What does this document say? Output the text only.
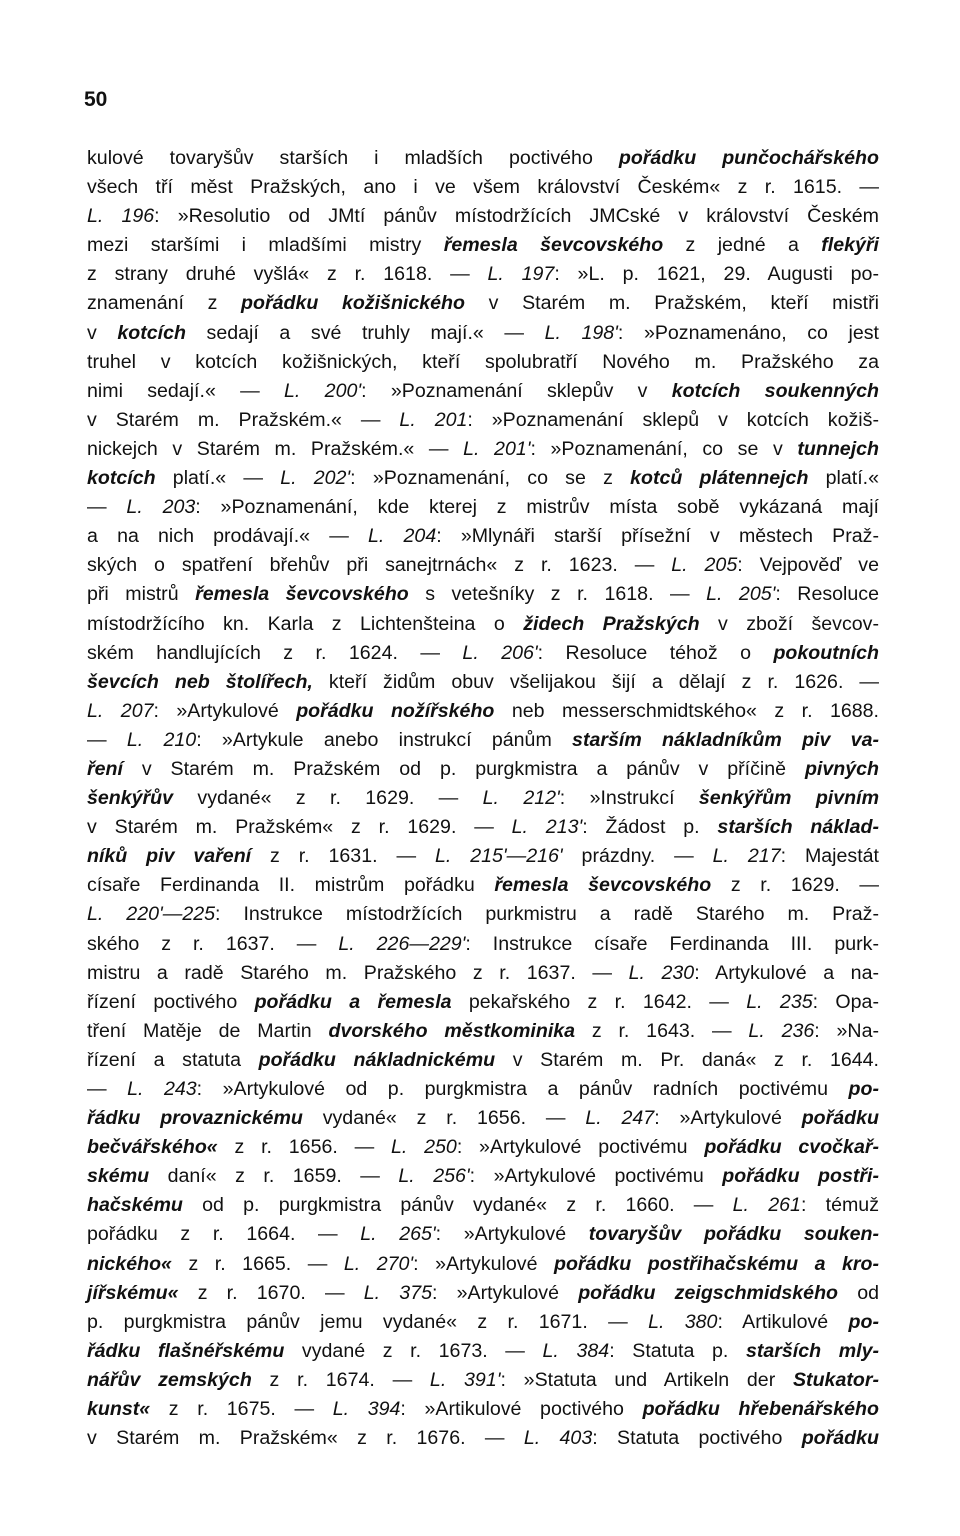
50
kulové tovaryšův starších i mladších poctivého pořádku punčochářského
všech tří měst Pražských, ano i ve všem království Českém« z r. 1615. —
L. 196: »Resolutio od JMtí pánův místodržících JMCské v království Českém
mezi staršími i mladšími mistry řemesla ševcovského z jedné a flekýři
z strany druhé vyšlá« z r. 1618. — L. 197: »L. p. 1621, 29. Augusti po-
znamenání z pořádku kožišnického v Starém m. Pražském, kteří mistři
v kotcích sedají a své truhly mají.« — L. 198': »Poznamenáno, co jest
truhel v kotcích kožišnických, kteří spolubratří Nového m. Pražského za
nimi sedají.« — L. 200': »Poznamenání sklepův v kotcích soukenných
v Starém m. Pražském.« — L. 201: »Poznamenání sklepů v kotcích kožiš-
nickejch v Starém m. Pražském.« — L. 201': »Poznamenání, co se v tunnejch
kotcích platí.« — L. 202': »Poznamenání, co se z kotců plátennejch platí.«
— L. 203: »Poznamenání, kde kterej z mistrův místa sobě vykázaná mají
a na nich prodávají.« — L. 204: »Mlynáři starší přísežní v městech Praž-
ských o spatření břehův při sanejtrnách« z r. 1623. — L. 205: Vejpověď ve
při mistrů řemesla ševcovského s vetešníky z r. 1618. — L. 205': Resoluce
místodržícího kn. Karla z Lichtenšteina o židech Pražských v zboží ševcov-
ském handlujících z r. 1624. — L. 206': Resoluce téhož o pokoutních
ševcích neb štolířech, kteří židům obuv všelijakou šijí a dělají z r. 1626. —
L. 207: »Artykulové pořádku nožířského neb messerschmidtského« z r. 1688.
— L. 210: »Artykule anebo instrukcí pánům starším nákladníkům piv va-
ření v Starém m. Pražském od p. purgkmistra a pánův v příčině pivných
šenkýřův vydané« z r. 1629. — L. 212': »Instrukcí šenkýřům pivním
v Starém m. Pražském« z r. 1629. — L. 213': Žádost p. starších náklad-
níků piv vaření z r. 1631. — L. 215'—216' prázdny. — L. 217: Majestát
císaře Ferdinanda II. mistrům pořádku řemesla ševcovského z r. 1629. —
L. 220'—225: Instrukce místodržících purkmistru a radě Starého m. Praž-
ského z r. 1637. — L. 226—229': Instrukce císaře Ferdinanda III. purk-
mistru a radě Starého m. Pražského z r. 1637. — L. 230: Artykulové a na-
řízení poctivého pořádku a řemesla pekařského z r. 1642. — L. 235: Opa-
tření Matěje de Martin dvorského městkominika z r. 1643. — L. 236: »Na-
řízení a statuta pořádku nákladnickému v Starém m. Pr. daná« z r. 1644.
— L. 243: »Artykulové od p. purgkmistra a pánův radních poctivému po-
řádku provaznickému vydané« z r. 1656. — L. 247: »Artykulové pořádku
bečvářského« z r. 1656. — L. 250: »Artykulové poctivému pořádku cvočkař-
skému daní« z r. 1659. — L. 256': »Artykulové poctivému pořádku postři-
hačskému od p. purgkmistra pánův vydané« z r. 1660. — L. 261: témuž
pořádku z r. 1664. — L. 265': »Artykulové tovaryšův pořádku souken-
nického« z r. 1665. — L. 270': »Artykulové pořádku postřihačskému a kro-
jířskému« z r. 1670. — L. 375: »Artykulové pořádku zeigschmidského od
p. purgkmistra pánův jemu vydané« z r. 1671. — L. 380: Artikulové po-
řádku flašnéřskému vydané z r. 1673. — L. 384: Statuta p. starších mly-
nářův zemských z r. 1674. — L. 391': »Statuta und Artikeln der Stukator-
kunst« z r. 1675. — L. 394: »Artikulové poctivého pořádku hřebenářského
v Starém m. Pražském« z r. 1676. — L. 403: Statuta poctivého pořádku
